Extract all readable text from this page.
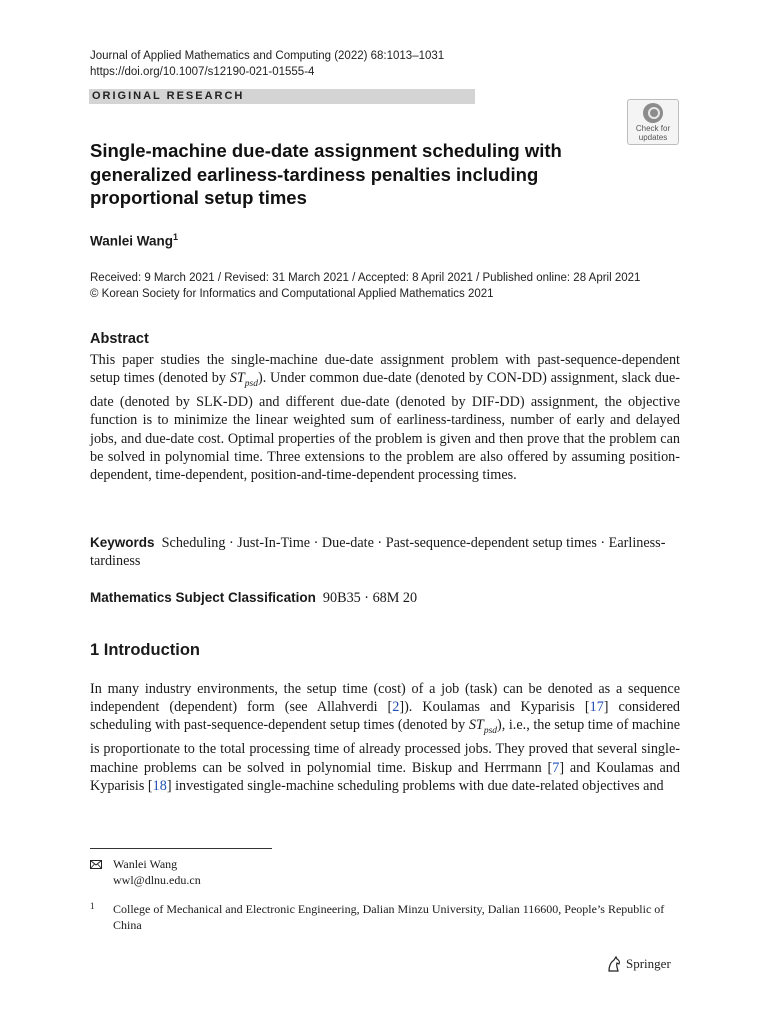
Journal of Applied Mathematics and Computing (2022) 68:1013–1031
https://doi.org/10.1007/s12190-021-01555-4
ORIGINAL RESEARCH
Check for
updates
Single-machine due-date assignment scheduling with
generalized earliness-tardiness penalties including
proportional setup times
Wanlei Wang$^1$
Received: 9 March 2021 / Revised: 31 March 2021 / Accepted: 8 April 2021 / Published online: 28 April 2021
© Korean Society for Informatics and Computational Applied Mathematics 2021
Abstract
This paper studies the single-machine due-date assignment problem with past-sequence-dependent setup times (denoted by $ST_{psd}$). Under common due-date (denoted by CON-DD) assignment, slack due-date (denoted by SLK-DD) and different due-date (denoted by DIF-DD) assignment, the objective function is to minimize the linear weighted sum of earliness-tardiness, number of early and delayed jobs, and due-date cost. Optimal properties of the problem is given and then prove that the problem can be solved in polynomial time. Three extensions to the problem are also offered by assuming position-dependent, time-dependent, position-and-time-dependent processing times.
Keywords Scheduling · Just-In-Time · Due-date · Past-sequence-dependent setup times · Earliness-tardiness
Mathematics Subject Classification 90B35 · 68M 20
1 Introduction
In many industry environments, the setup time (cost) of a job (task) can be denoted as a sequence independent (dependent) form (see Allahverdi [2]). Koulamas and Kyparisis [17] considered scheduling with past-sequence-dependent setup times (denoted by $ST_{psd}$), i.e., the setup time of machine is proportionate to the total processing time of already processed jobs. They proved that several single-machine problems can be solved in polynomial time. Biskup and Herrmann [7] and Koulamas and Kyparisis [18] investigated single-machine scheduling problems with due date-related objectives and
Wanlei Wang
wwl@dlnu.edu.cn
1 College of Mechanical and Electronic Engineering, Dalian Minzu University, Dalian 116600, People’s Republic of China
Springer
